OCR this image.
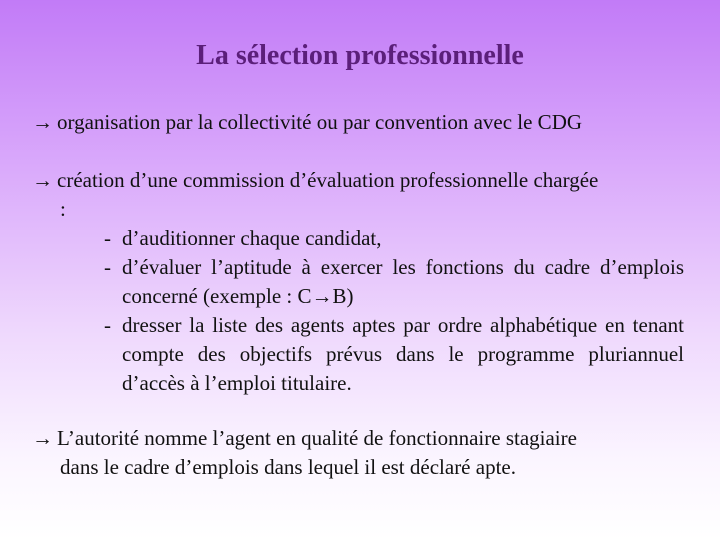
La sélection professionnelle
→ organisation par la collectivité ou par convention avec le CDG
→ création d’une commission d’évaluation professionnelle chargée
:
- d’auditionner chaque candidat,
- d’évaluer l’aptitude à exercer les fonctions du cadre d’emplois concerné (exemple : C→B)
- dresser la liste des agents aptes par ordre alphabétique en tenant compte des objectifs prévus dans le programme pluriannuel d’accès à l’emploi titulaire.
→ L’autorité nomme l’agent en qualité de fonctionnaire stagiaire
dans le cadre d’emplois dans lequel il est déclaré apte.
